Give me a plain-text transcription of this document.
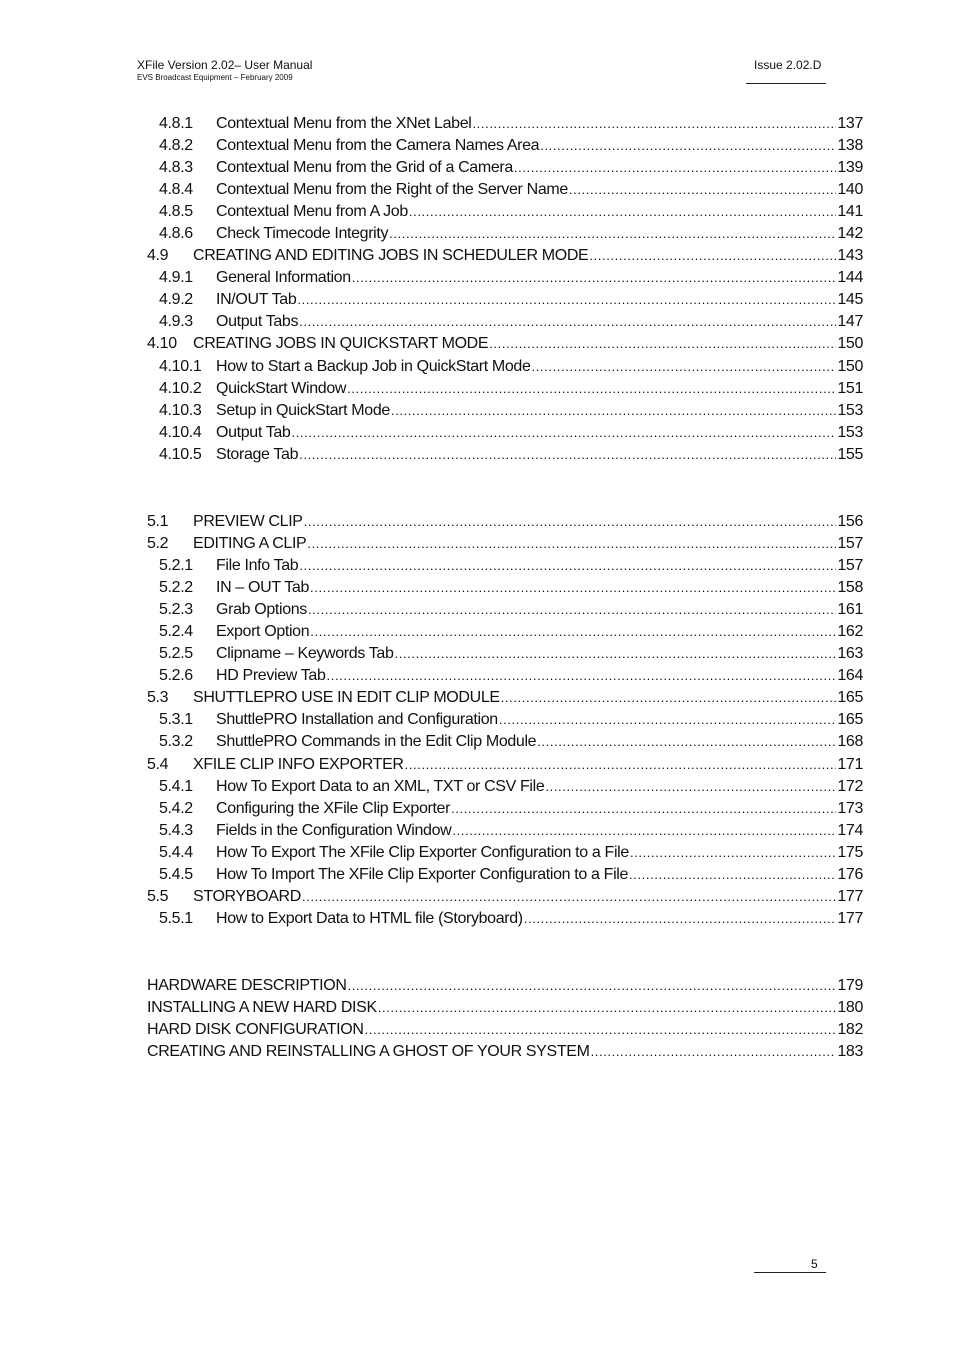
XFile Version 2.02– User Manual
EVS Broadcast Equipment – February 2009
Issue 2.02.D
4.8.1	Contextual Menu from the XNet Label .....	137
4.8.2	Contextual Menu from the Camera Names Area .....	138
4.8.3	Contextual Menu from the Grid of a Camera .....	139
4.8.4	Contextual Menu from the Right of the Server Name .....	140
4.8.5	Contextual Menu from A Job .....	141
4.8.6	Check Timecode Integrity .....	142
4.9	CREATING AND EDITING JOBS IN SCHEDULER MODE .....	143
4.9.1	General Information .....	144
4.9.2	IN/OUT Tab .....	145
4.9.3	Output Tabs .....	147
4.10	CREATING JOBS IN QUICKSTART MODE .....	150
4.10.1 How to Start a Backup Job in QuickStart Mode .....	150
4.10.2 QuickStart Window .....	151
4.10.3 Setup in QuickStart Mode .....	153
4.10.4 Output Tab .....	153
4.10.5 Storage Tab .....	155
5.1	PREVIEW CLIP .....	156
5.2	EDITING A CLIP .....	157
5.2.1	File Info Tab .....	157
5.2.2	IN – OUT Tab .....	158
5.2.3	Grab Options .....	161
5.2.4	Export Option .....	162
5.2.5	Clipname – Keywords Tab .....	163
5.2.6	HD Preview Tab .....	164
5.3	SHUTTLEPRO USE IN EDIT CLIP MODULE .....	165
5.3.1	ShuttlePRO Installation and Configuration .....	165
5.3.2	ShuttlePRO Commands in the Edit Clip Module .....	168
5.4	XFILE CLIP INFO EXPORTER .....	171
5.4.1	How To Export Data to an XML, TXT or CSV File .....	172
5.4.2	Configuring the XFile Clip Exporter .....	173
5.4.3	Fields in the Configuration Window .....	174
5.4.4	How To Export The XFile Clip Exporter Configuration to a File .....	175
5.4.5	How To Import The XFile Clip Exporter Configuration to a File .....	176
5.5	STORYBOARD .....	177
5.5.1	How to Export Data to HTML file (Storyboard) .....	177
HARDWARE DESCRIPTION .....	179
INSTALLING A NEW HARD DISK .....	180
HARD DISK CONFIGURATION .....	182
CREATING AND REINSTALLING A GHOST OF YOUR SYSTEM .....	183
5
